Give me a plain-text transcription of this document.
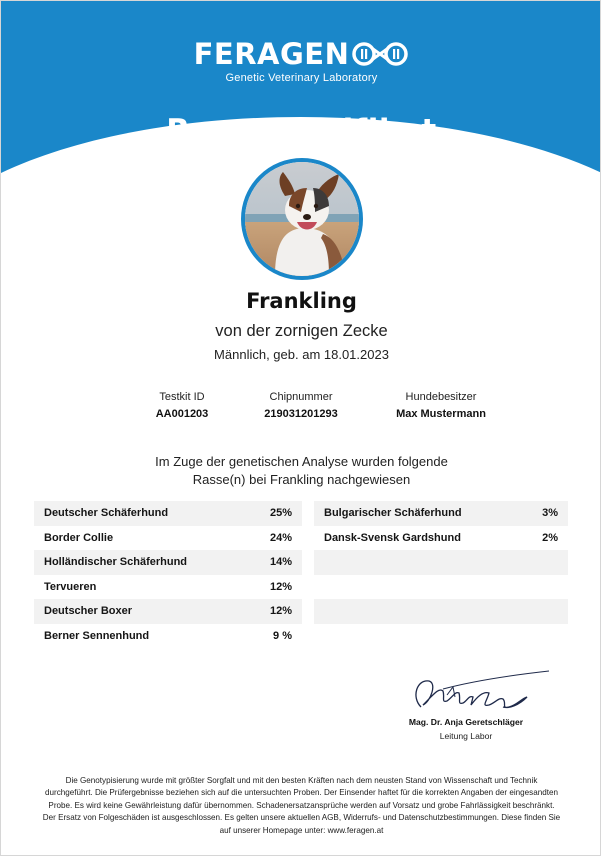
FERAGEN
Genetic Veterinary Laboratory
Rassezertifikat
Frankling
von der zornigen Zecke
Männlich, geb. am 18.01.2023
Testkit ID
AA001203
Chipnummer
219031201293
Hundebesitzer
Max Mustermann
Im Zuge der genetischen Analyse wurden folgende
Rasse(n) bei Frankling nachgewiesen
Deutscher Schäferhund	25%
Border Collie	24%
Holländischer Schäferhund	14%
Tervueren	12%
Deutscher Boxer	12%
Berner Sennenhund	9 %
Bulgarischer Schäferhund	3%
Dansk-Svensk Gardshund	2%
Mag. Dr. Anja Geretschläger
Leitung Labor
Die Genotypisierung wurde mit größter Sorgfalt und mit den besten Kräften nach dem neusten Stand von Wissenschaft und Technik durchgeführt. Die Prüfergebnisse beziehen sich auf die untersuchten Proben. Der Einsender haftet für die korrekten Angaben der eingesandten Probe. Es wird keine Gewährleistung dafür übernommen. Schadenersatzansprüche werden auf Vorsatz und grobe Fahrlässigkeit beschränkt. Der Ersatz von Folgeschäden ist ausgeschlossen. Es gelten unsere aktuellen AGB, Widerrufs- und Datenschutzbestimmungen. Diese finden Sie auf unserer Homepage unter: www.feragen.at
